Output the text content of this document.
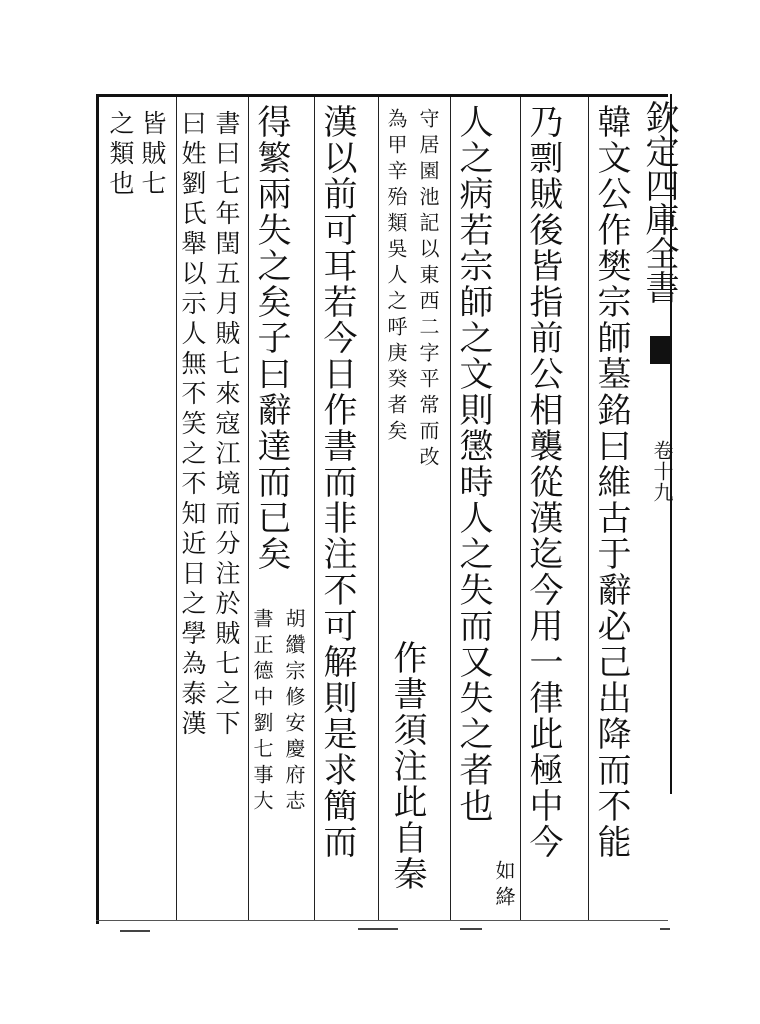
欽定四庫全書
卷十九
韓文公作樊宗師墓銘曰維古于辭必己出降而不能
乃剽賊後皆指前公相襲從漢迄今用一律此極中今
人之病若宗師之文則懲時人之失而又失之者也
如絳
守居園池記以東西二字平常而改
為甲辛殆類吳人之呼庚癸者矣
作書須注此自秦
漢以前可耳若今日作書而非注不可解則是求簡而
得繁兩失之矣子曰辭達而已矣
胡纘宗修安慶府志
書正德中劉七事大
書曰七年閏五月賊七來寇江境而分注於賊七之下
曰姓劉氏舉以示人無不笑之不知近日之學為泰漢
皆賊七
之類也
